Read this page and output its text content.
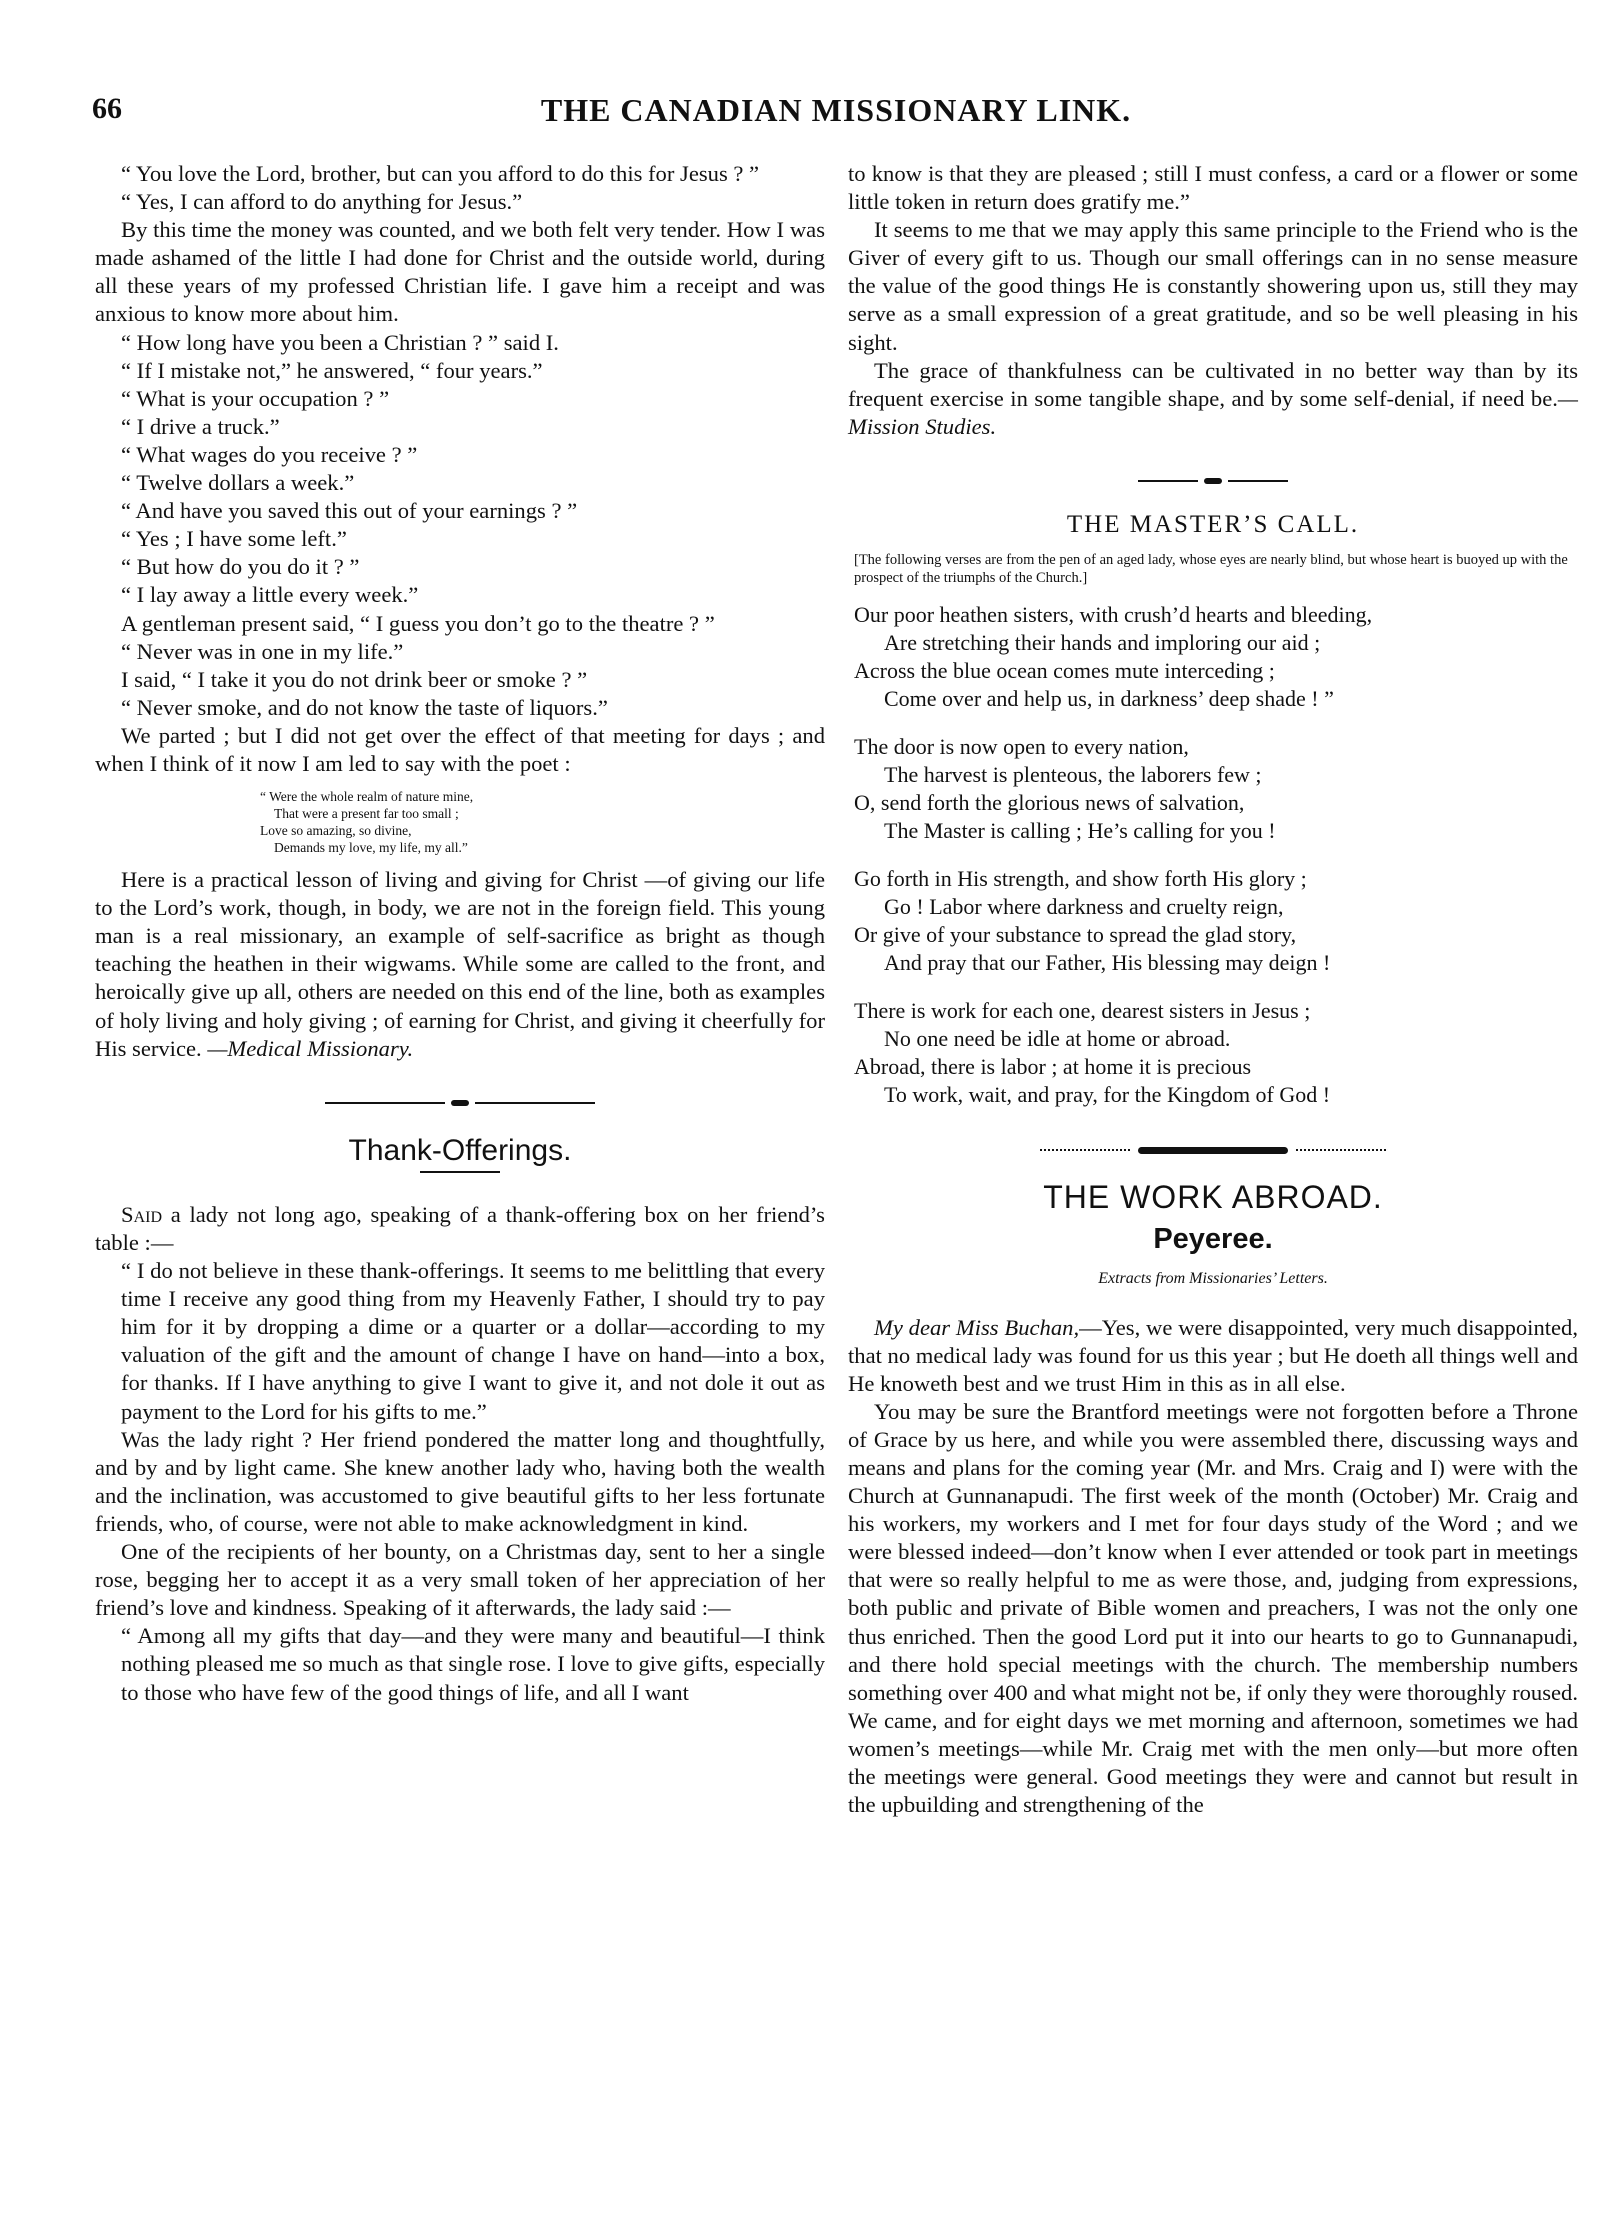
66	THE CANADIAN MISSIONARY LINK.

“ You love the Lord, brother, but can you afford to do this for Jesus ? ”

“ Yes, I can afford to do anything for Jesus.”

By this time the money was counted, and we both felt very tender. How I was made ashamed of the little I had done for Christ and the outside world, during all these years of my professed Christian life. I gave him a receipt and was anxious to know more about him.

“ How long have you been a Christian ? ” said I.

“ If I mistake not,” he answered, “ four years.”

“ What is your occupation ? ”

“ I drive a truck.”

“ What wages do you receive ? ”

“ Twelve dollars a week.”

“ And have you saved this out of your earnings ? ”

“ Yes ; I have some left.”

“ But how do you do it ? ”

“ I lay away a little every week.”

A gentleman present said, “ I guess you don’t go to the theatre ? ”

“ Never was in one in my life.”

I said, “ I take it you do not drink beer or smoke ? ”

“ Never smoke, and do not know the taste of liquors.”

We parted ; but I did not get over the effect of that meeting for days ; and when I think of it now I am led to say with the poet :

“ Were the whole realm of nature mine,
That were a present far too small ;
Love so amazing, so divine,
Demands my love, my life, my all.”

Here is a practical lesson of living and giving for Christ —of giving our life to the Lord’s work, though, in body, we are not in the foreign field. This young man is a real missionary, an example of self-sacrifice as bright as though teaching the heathen in their wigwams. While some are called to the front, and heroically give up all, others are needed on this end of the line, both as examples of holy living and holy giving ; of earning for Christ, and giving it cheerfully for His service. —Medical Missionary.

Thank-Offerings.

Said a lady not long ago, speaking of a thank-offering box on her friend’s table :—

“ I do not believe in these thank-offerings. It seems to me belittling that every time I receive any good thing from my Heavenly Father, I should try to pay him for it by dropping a dime or a quarter or a dollar—according to my valuation of the gift and the amount of change I have on hand—into a box, for thanks. If I have anything to give I want to give it, and not dole it out as payment to the Lord for his gifts to me.”

Was the lady right ? Her friend pondered the matter long and thoughtfully, and by and by light came. She knew another lady who, having both the wealth and the inclination, was accustomed to give beautiful gifts to her less fortunate friends, who, of course, were not able to make acknowledgment in kind.

One of the recipients of her bounty, on a Christmas day, sent to her a single rose, begging her to accept it as a very small token of her appreciation of her friend’s love and kindness. Speaking of it afterwards, the lady said :—

“ Among all my gifts that day—and they were many and beautiful—I think nothing pleased me so much as that single rose. I love to give gifts, especially to those who have few of the good things of life, and all I want

to know is that they are pleased ; still I must confess, a card or a flower or some little token in return does gratify me.”

It seems to me that we may apply this same principle to the Friend who is the Giver of every gift to us. Though our small offerings can in no sense measure the value of the good things He is constantly showering upon us, still they may serve as a small expression of a great gratitude, and so be well pleasing in his sight.

The grace of thankfulness can be cultivated in no better way than by its frequent exercise in some tangible shape, and by some self-denial, if need be.—Mission Studies.

THE MASTER’S CALL.
[The following verses are from the pen of an aged lady, whose eyes are nearly blind, but whose heart is buoyed up with the prospect of the triumphs of the Church.]
Our poor heathen sisters, with crush’d hearts and bleeding,
Are stretching their hands and imploring our aid ;
Across the blue ocean comes mute interceding ;
Come over and help us, in darkness’ deep shade ! ”
The door is now open to every nation,
The harvest is plenteous, the laborers few ;
O, send forth the glorious news of salvation,
The Master is calling ; He’s calling for you !
Go forth in His strength, and show forth His glory ;
Go ! Labor where darkness and cruelty reign,
Or give of your substance to spread the glad story,
And pray that our Father, His blessing may deign !
There is work for each one, dearest sisters in Jesus ;
No one need be idle at home or abroad.
Abroad, there is labor ; at home it is precious
To work, wait, and pray, for the Kingdom of God !
THE WORK ABROAD.
Peyeree.
Extracts from Missionaries’ Letters.

My dear Miss Buchan,—Yes, we were disappointed, very much disappointed, that no medical lady was found for us this year ; but He doeth all things well and He knoweth best and we trust Him in this as in all else.

You may be sure the Brantford meetings were not forgotten before a Throne of Grace by us here, and while you were assembled there, discussing ways and means and plans for the coming year (Mr. and Mrs. Craig and I) were with the Church at Gunnanapudi. The first week of the month (October) Mr. Craig and his workers, my workers and I met for four days study of the Word ; and we were blessed indeed—don’t know when I ever attended or took part in meetings that were so really helpful to me as were those, and, judging from expressions, both public and private of Bible women and preachers, I was not the only one thus enriched. Then the good Lord put it into our hearts to go to Gunnanapudi, and there hold special meetings with the church. The membership numbers something over 400 and what might not be, if only they were thoroughly roused. We came, and for eight days we met morning and afternoon, sometimes we had women’s meetings—while Mr. Craig met with the men only—but more often the meetings were general. Good meetings they were and cannot but result in the upbuilding and strengthening of the
